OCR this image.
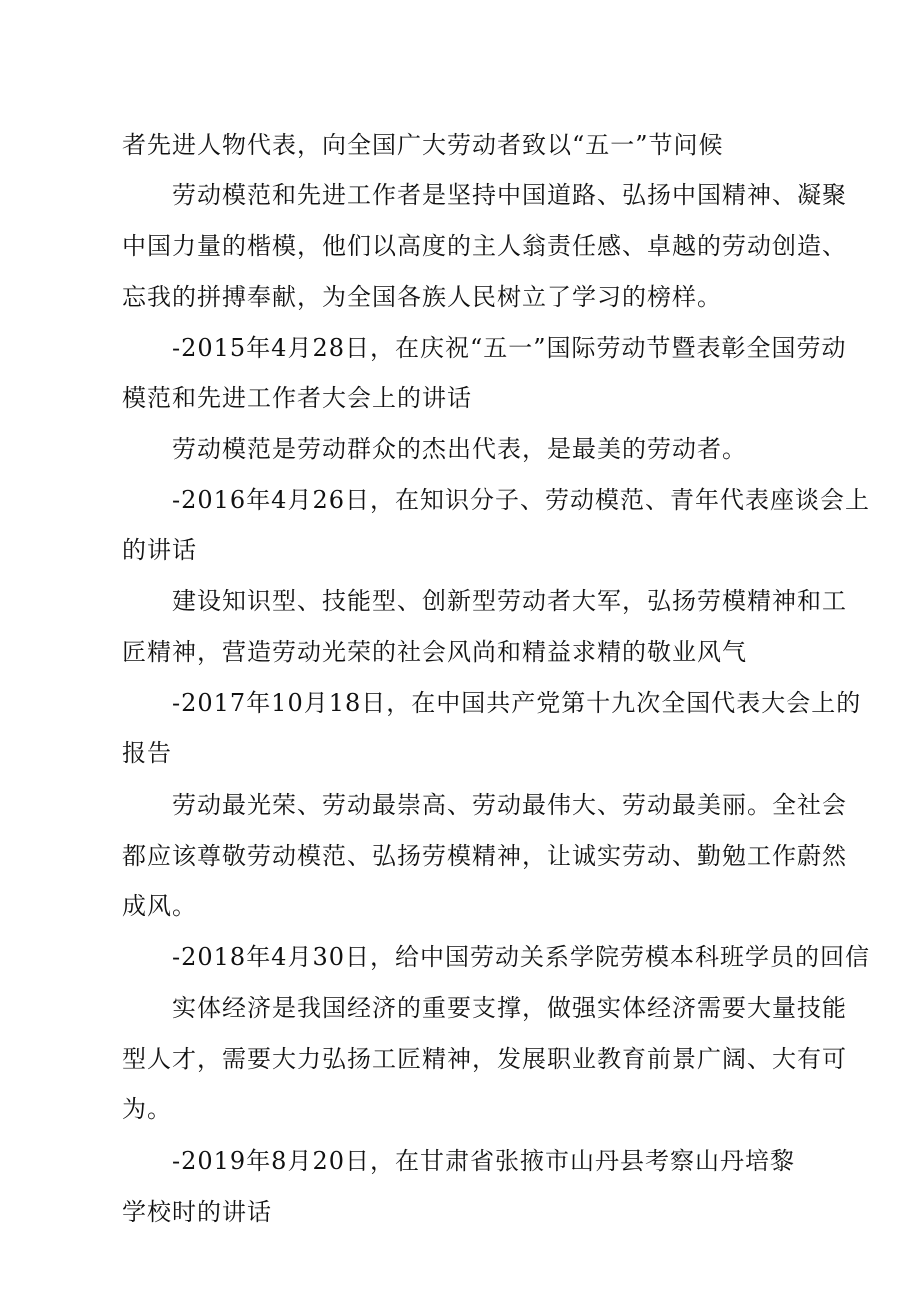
者先进人物代表，向全国广大劳动者致以“五一”节问候
劳动模范和先进工作者是坚持中国道路、弘扬中国精神、凝聚
中国力量的楷模，他们以高度的主人翁责任感、卓越的劳动创造、
忘我的拼搏奉献，为全国各族人民树立了学习的榜样。
-2015年4月28日，在庆祝“五一”国际劳动节暨表彰全国劳动
模范和先进工作者大会上的讲话
劳动模范是劳动群众的杰出代表，是最美的劳动者。
-2016年4月26日，在知识分子、劳动模范、青年代表座谈会上
的讲话
建设知识型、技能型、创新型劳动者大军，弘扬劳模精神和工
匠精神，营造劳动光荣的社会风尚和精益求精的敬业风气
-2017年10月18日，在中国共产党第十九次全国代表大会上的
报告
劳动最光荣、劳动最崇高、劳动最伟大、劳动最美丽。全社会
都应该尊敬劳动模范、弘扬劳模精神，让诚实劳动、勤勉工作蔚然
成风。
-2018年4月30日，给中国劳动关系学院劳模本科班学员的回信
实体经济是我国经济的重要支撑，做强实体经济需要大量技能
型人才，需要大力弘扬工匠精神，发展职业教育前景广阔、大有可
为。
-2019年8月20日，在甘肃省张掖市山丹县考察山丹培黎
学校时的讲话
